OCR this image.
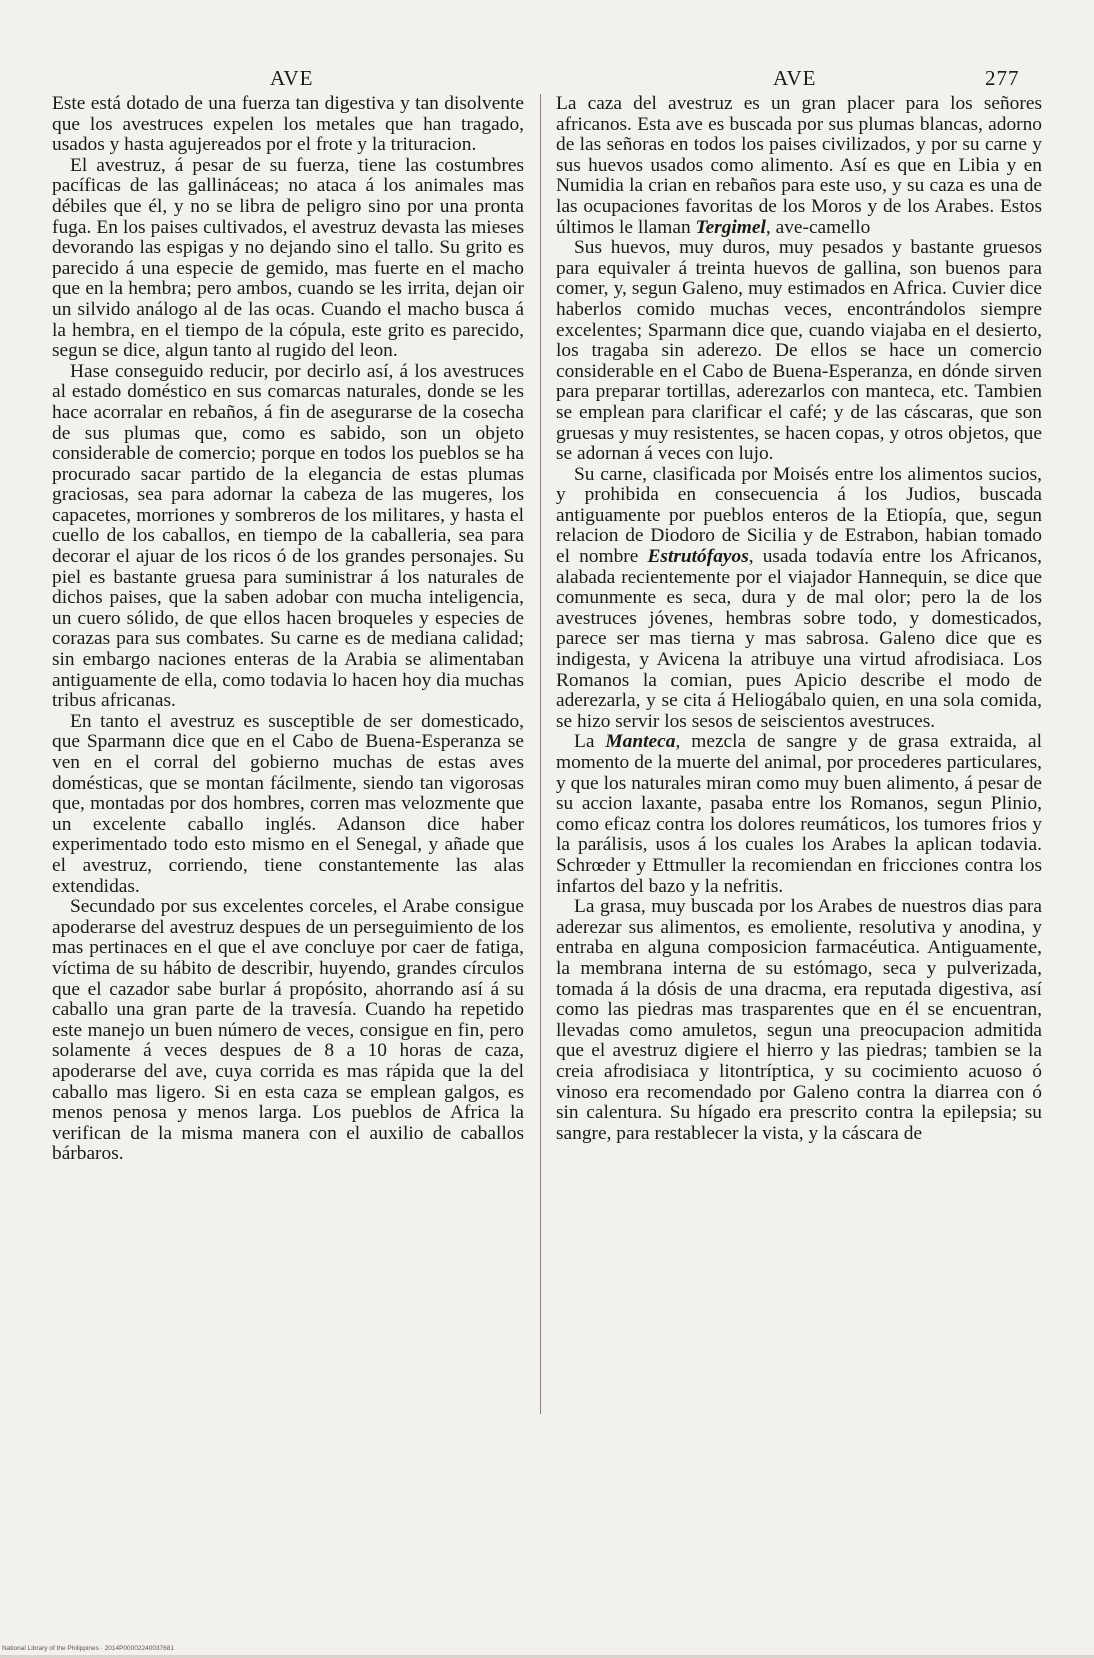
AVE	AVE	277

Este está dotado de una fuerza tan digestiva y tan disolvente que los avestruces expelen los metales que han tragado, usados y hasta agujereados por el frote y la trituracion.

El avestruz, á pesar de su fuerza, tiene las costumbres pacíficas de las gallináceas; no ataca á los animales mas débiles que él, y no se libra de peligro sino por una pronta fuga. En los paises cultivados, el avestruz devasta las mieses devorando las espigas y no dejando sino el tallo. Su grito es parecido á una especie de gemido, mas fuerte en el macho que en la hembra; pero ambos, cuando se les irrita, dejan oir un silvido análogo al de las ocas. Cuando el macho busca á la hembra, en el tiempo de la cópula, este grito es parecido, segun se dice, algun tanto al rugido del leon.

Hase conseguido reducir, por decirlo así, á los avestruces al estado doméstico en sus comarcas naturales, donde se les hace acorralar en rebaños, á fin de asegurarse de la cosecha de sus plumas que, como es sabido, son un objeto considerable de comercio; porque en todos los pueblos se ha procurado sacar partido de la elegancia de estas plumas graciosas, sea para adornar la cabeza de las mugeres, los capacetes, morriones y sombreros de los militares, y hasta el cuello de los caballos, en tiempo de la caballeria, sea para decorar el ajuar de los ricos ó de los grandes personajes. Su piel es bastante gruesa para suministrar á los naturales de dichos paises, que la saben adobar con mucha inteligencia, un cuero sólido, de que ellos hacen broqueles y especies de corazas para sus combates. Su carne es de mediana calidad; sin embargo naciones enteras de la Arabia se alimentaban antiguamente de ella, como todavia lo hacen hoy dia muchas tribus africanas.

En tanto el avestruz es susceptible de ser domesticado, que Sparmann dice que en el Cabo de Buena-Esperanza se ven en el corral del gobierno muchas de estas aves domésticas, que se montan fácilmente, siendo tan vigorosas que, montadas por dos hombres, corren mas velozmente que un excelente caballo inglés. Adanson dice haber experimentado todo esto mismo en el Senegal, y añade que el avestruz, corriendo, tiene constantemente las alas extendidas.

Secundado por sus excelentes corceles, el Arabe consigue apoderarse del avestruz despues de un perseguimiento de los mas pertinaces en el que el ave concluye por caer de fatiga, víctima de su hábito de describir, huyendo, grandes círculos que el cazador sabe burlar á propósito, ahorrando así á su caballo una gran parte de la travesía. Cuando ha repetido este manejo un buen número de veces, consigue en fin, pero solamente á veces despues de 8 a 10 horas de caza, apoderarse del ave, cuya corrida es mas rápida que la del caballo mas ligero. Si en esta caza se emplean galgos, es menos penosa y menos larga. Los pueblos de Africa la verifican de la misma manera con el auxilio de caballos bárbaros.

La caza del avestruz es un gran placer para los señores africanos. Esta ave es buscada por sus plumas blancas, adorno de las señoras en todos los paises civilizados, y por su carne y sus huevos usados como alimento. Así es que en Libia y en Numidia la crian en rebaños para este uso, y su caza es una de las ocupaciones favoritas de los Moros y de los Arabes. Estos últimos le llaman Tergimel, ave-camello

Sus huevos, muy duros, muy pesados y bastante gruesos para equivaler á treinta huevos de gallina, son buenos para comer, y, segun Galeno, muy estimados en Africa. Cuvier dice haberlos comido muchas veces, encontrándolos siempre excelentes; Sparmann dice que, cuando viajaba en el desierto, los tragaba sin aderezo. De ellos se hace un comercio considerable en el Cabo de Buena-Esperanza, en dónde sirven para preparar tortillas, aderezarlos con manteca, etc. Tambien se emplean para clarificar el café; y de las cáscaras, que son gruesas y muy resistentes, se hacen copas, y otros objetos, que se adornan á veces con lujo.

Su carne, clasificada por Moisés entre los alimentos sucios, y prohibida en consecuencia á los Judios, buscada antiguamente por pueblos enteros de la Etiopía, que, segun relacion de Diodoro de Sicilia y de Estrabon, habian tomado el nombre Estrutófayos, usada todavía entre los Africanos, alabada recientemente por el viajador Hannequin, se dice que comunmente es seca, dura y de mal olor; pero la de los avestruces jóvenes, hembras sobre todo, y domesticados, parece ser mas tierna y mas sabrosa. Galeno dice que es indigesta, y Avicena la atribuye una virtud afrodisiaca. Los Romanos la comian, pues Apicio describe el modo de aderezarla, y se cita á Heliogábalo quien, en una sola comida, se hizo servir los sesos de seiscientos avestruces.

La Manteca, mezcla de sangre y de grasa extraida, al momento de la muerte del animal, por procederes particulares, y que los naturales miran como muy buen alimento, á pesar de su accion laxante, pasaba entre los Romanos, segun Plinio, como eficaz contra los dolores reumáticos, los tumores frios y la parálisis, usos á los cuales los Arabes la aplican todavia. Schrœder y Ettmuller la recomiendan en fricciones contra los infartos del bazo y la nefritis.

La grasa, muy buscada por los Arabes de nuestros dias para aderezar sus alimentos, es emoliente, resolutiva y anodina, y entraba en alguna composicion farmacéutica. Antiguamente, la membrana interna de su estómago, seca y pulverizada, tomada á la dósis de una dracma, era reputada digestiva, así como las piedras mas trasparentes que en él se encuentran, llevadas como amuletos, segun una preocupacion admitida que el avestruz digiere el hierro y las piedras; tambien se la creia afrodisiaca y litontríptica, y su cocimiento acuoso ó vinoso era recomendado por Galeno contra la diarrea con ó sin calentura. Su hígado era prescrito contra la epilepsia; su sangre, para restablecer la vista, y la cáscara de

National Library of the Philippines · 2014P00002240037681
